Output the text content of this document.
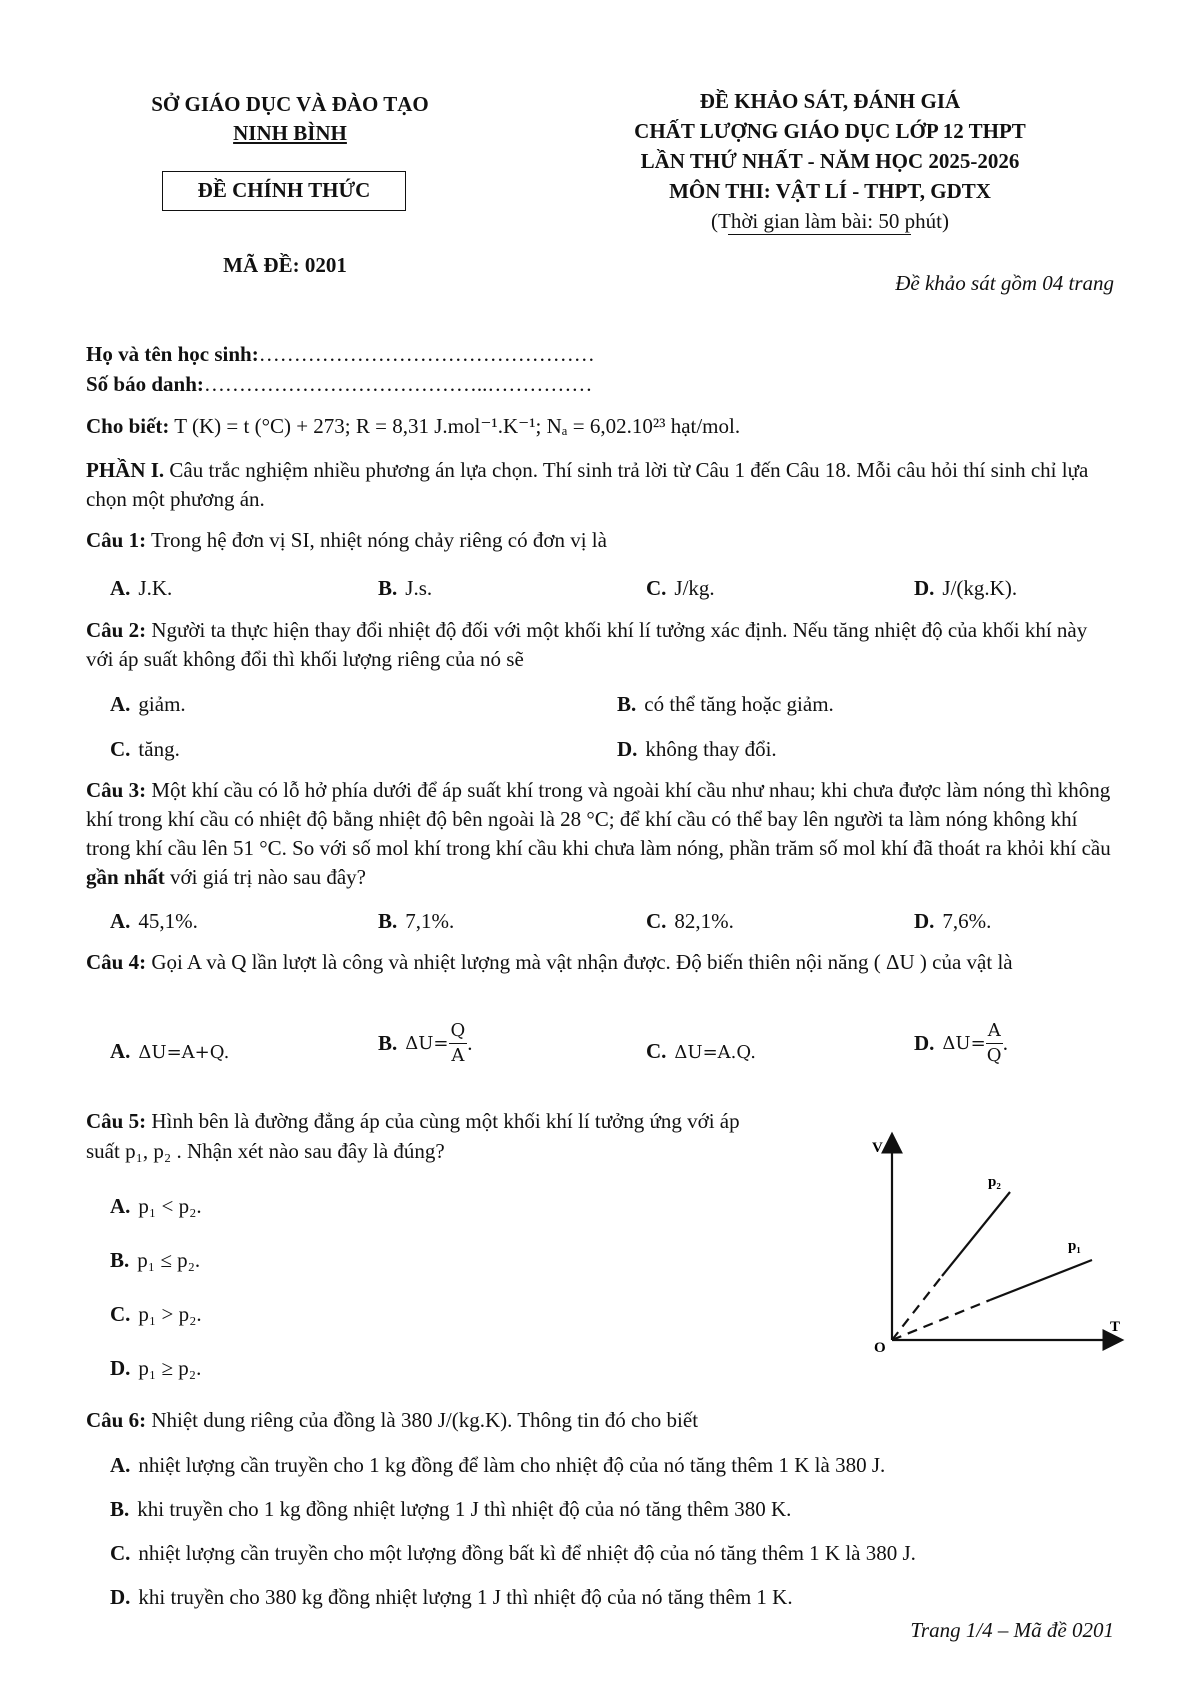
SỞ GIÁO DỤC VÀ ĐÀO TẠO
NINH BÌNH
ĐỀ CHÍNH THỨC
MÃ ĐỀ: 0201
ĐỀ KHẢO SÁT, ĐÁNH GIÁ
CHẤT LƯỢNG GIÁO DỤC LỚP 12 THPT
LẦN THỨ NHẤT - NĂM HỌC 2025-2026
MÔN THI: VẬT LÍ - THPT, GDTX
(Thời gian làm bài: 50 phút)
Đề khảo sát gồm 04 trang
Họ và tên học sinh:…………………………………………
Số báo danh:…………………………………..……………
Cho biết: T (K) = t (°C) + 273; R = 8,31 J.mol⁻¹.K⁻¹; Nₐ = 6,02.10²³ hạt/mol.
PHẦN I. Câu trắc nghiệm nhiều phương án lựa chọn. Thí sinh trả lời từ Câu 1 đến Câu 18. Mỗi câu hỏi thí sinh chỉ lựa chọn một phương án.
Câu 1: Trong hệ đơn vị SI, nhiệt nóng chảy riêng có đơn vị là
A. J.K.	B. J.s.	C. J/kg.	D. J/(kg.K).
Câu 2: Người ta thực hiện thay đổi nhiệt độ đối với một khối khí lí tưởng xác định. Nếu tăng nhiệt độ của khối khí này với áp suất không đổi thì khối lượng riêng của nó sẽ
A. giảm.	B. có thể tăng hoặc giảm.
C. tăng.	D. không thay đổi.
Câu 3: Một khí cầu có lỗ hở phía dưới để áp suất khí trong và ngoài khí cầu như nhau; khi chưa được làm nóng thì không khí trong khí cầu có nhiệt độ bằng nhiệt độ bên ngoài là 28 °C; để khí cầu có thể bay lên người ta làm nóng không khí trong khí cầu lên 51 °C. So với số mol khí trong khí cầu khi chưa làm nóng, phần trăm số mol khí đã thoát ra khỏi khí cầu gần nhất với giá trị nào sau đây?
A. 45,1%.	B. 7,1%.	C. 82,1%.	D. 7,6%.
Câu 4: Gọi A và Q lần lượt là công và nhiệt lượng mà vật nhận được. Độ biến thiên nội năng ( ΔU ) của vật là
A. ΔU=A+Q.	B. $\Delta U= \frac{Q}{A}$ .	C. ΔU=A.Q.	D. $\Delta U= \frac{A}{Q}$ .
Câu 5: Hình bên là đường đẳng áp của cùng một khối khí lí tưởng ứng với áp
suất p₁, p₂ . Nhận xét nào sau đây là đúng?
A. p₁ < p₂.
B. p₁ ≤ p₂.
C. p₁ > p₂.
D. p₁ ≥ p₂.
V
T
O
p₂
p₁
Câu 6: Nhiệt dung riêng của đồng là 380 J/(kg.K). Thông tin đó cho biết
A. nhiệt lượng cần truyền cho 1 kg đồng để làm cho nhiệt độ của nó tăng thêm 1 K là 380 J.
B. khi truyền cho 1 kg đồng nhiệt lượng 1 J thì nhiệt độ của nó tăng thêm 380 K.
C. nhiệt lượng cần truyền cho một lượng đồng bất kì để nhiệt độ của nó tăng thêm 1 K là 380 J.
D. khi truyền cho 380 kg đồng nhiệt lượng 1 J thì nhiệt độ của nó tăng thêm 1 K.
Trang 1/4 – Mã đề 0201
